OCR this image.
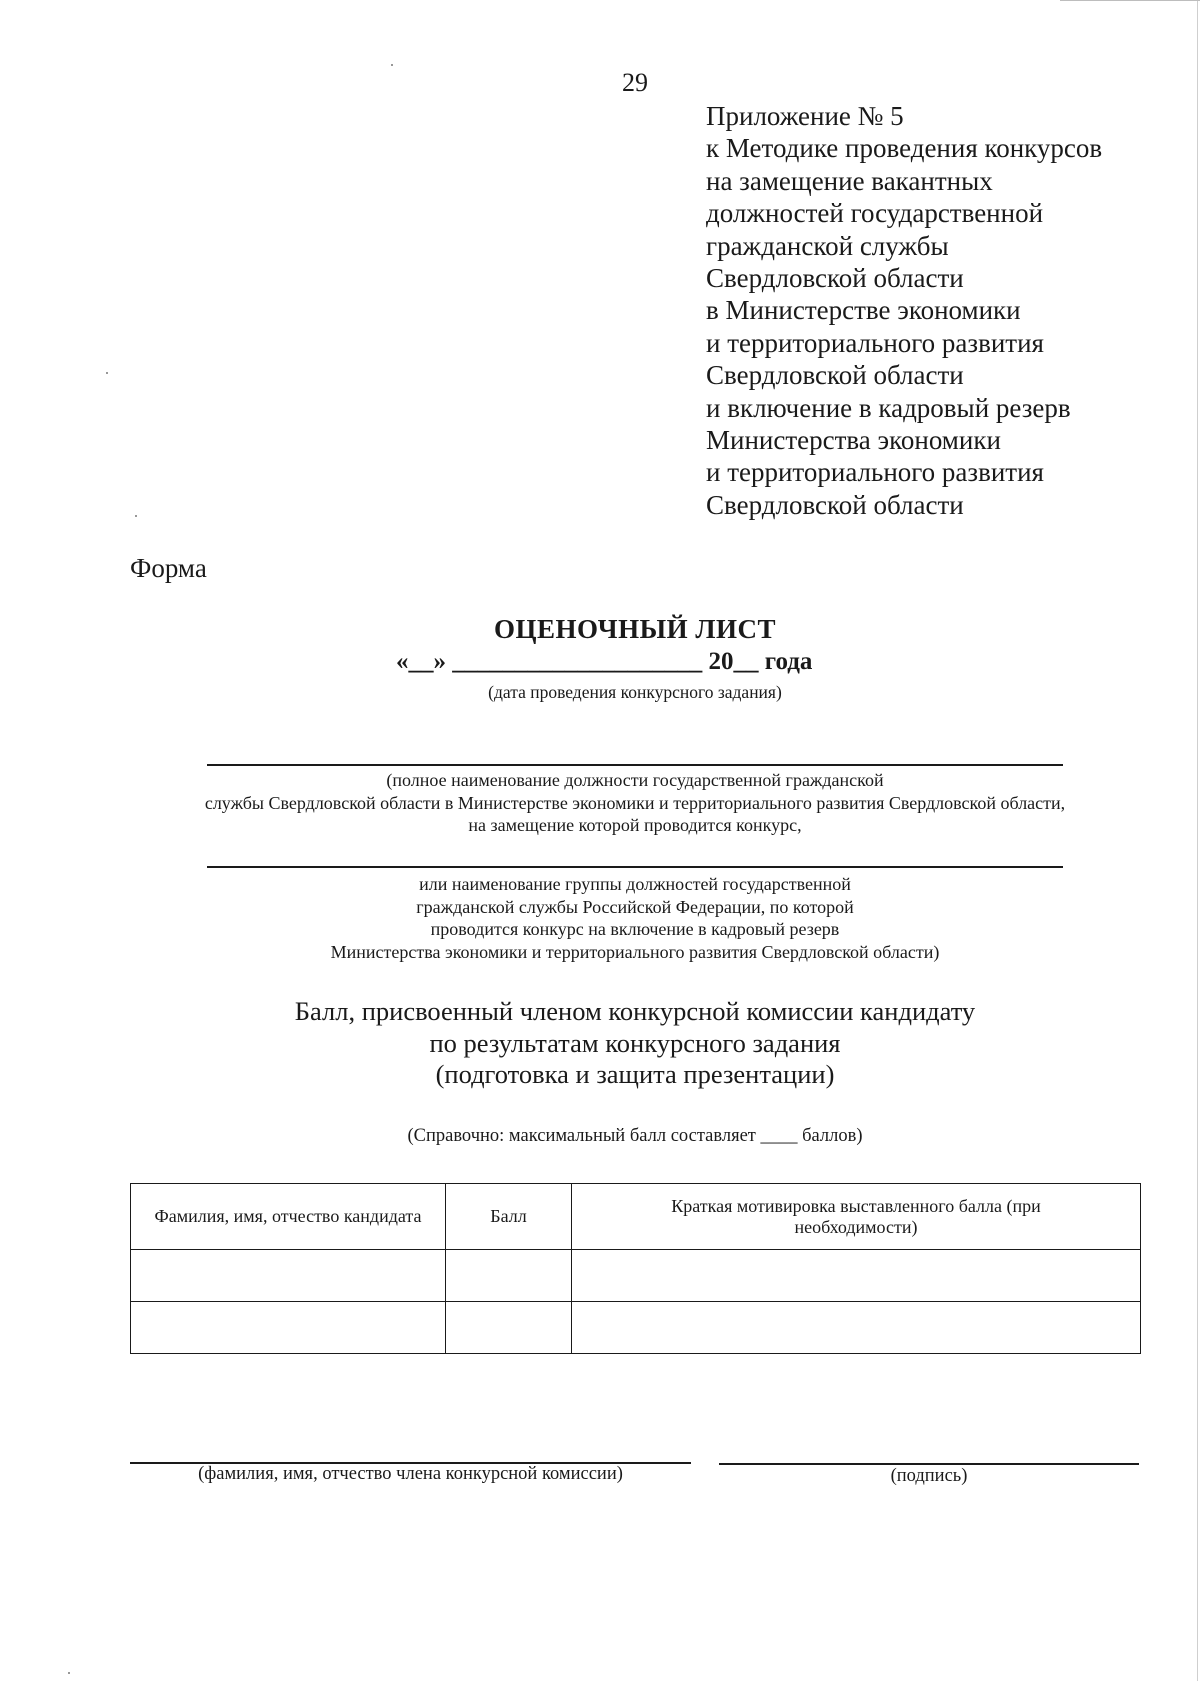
29
Приложение № 5
к Методике проведения конкурсов
на замещение вакантных
должностей государственной
гражданской службы
Свердловской области
в Министерстве экономики
и территориального развития
Свердловской области
и включение в кадровый резерв
Министерства экономики
и территориального развития
Свердловской области
Форма
ОЦЕНОЧНЫЙ ЛИСТ
«__» ____________________ 20__ года
(дата проведения конкурсного задания)
(полное наименование должности государственной гражданской
службы Свердловской области в Министерстве экономики и территориального развития Свердловской области,
на замещение которой проводится конкурс,
или наименование группы должностей государственной
гражданской службы Российской Федерации, по которой
проводится конкурс на включение в кадровый резерв
Министерства экономики и территориального развития Свердловской области)
Балл, присвоенный членом конкурсной комиссии кандидату
по результатам конкурсного задания
(подготовка и защита презентации)
(Справочно: максимальный балл составляет ____ баллов)
Фамилия, имя, отчество кандидата	Балл	Краткая мотивировка выставленного балла (при необходимости)

(фамилия, имя, отчество члена конкурсной комиссии)	(подпись)
